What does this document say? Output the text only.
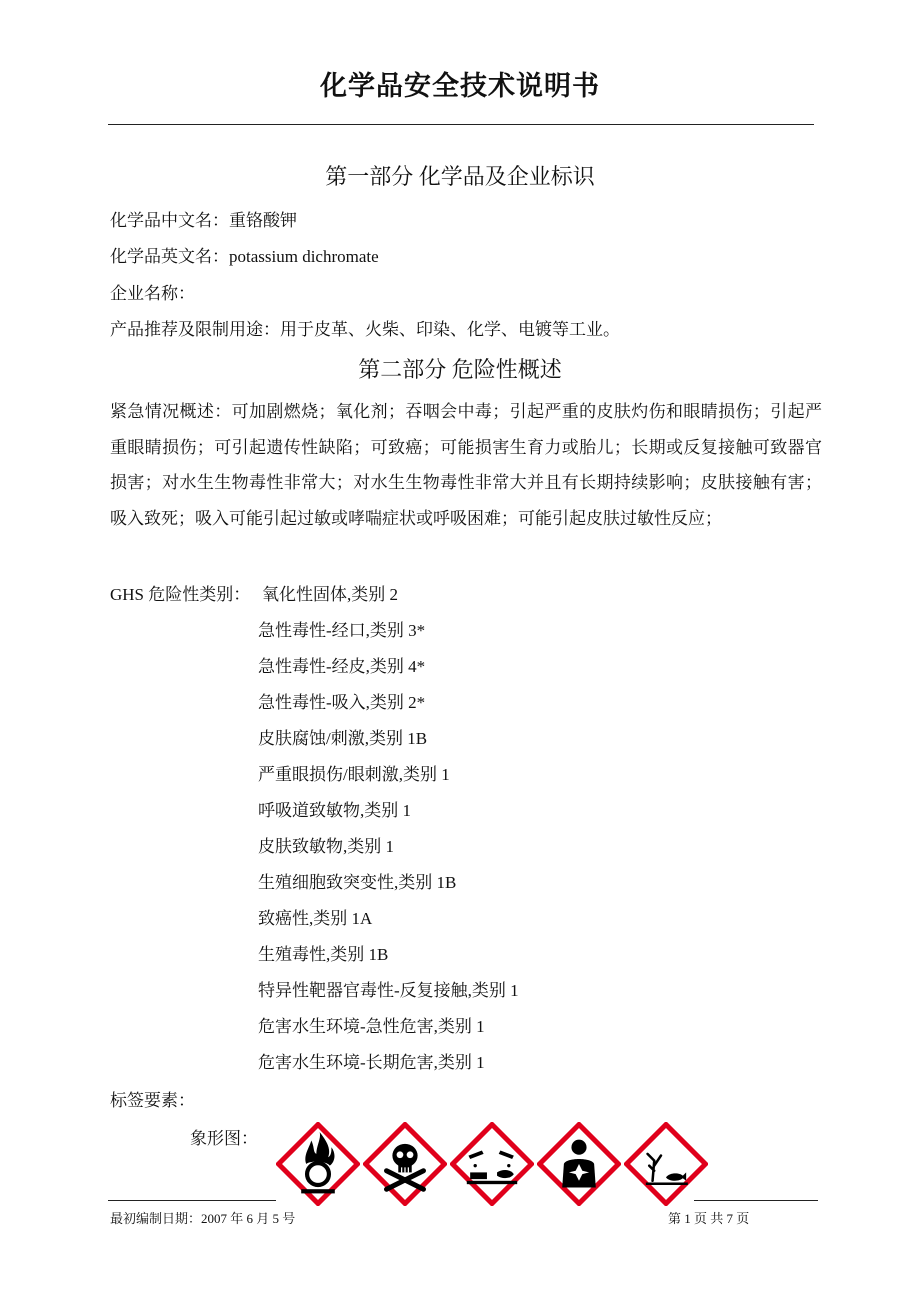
化学品安全技术说明书
第一部分 化学品及企业标识
化学品中文名：重铬酸钾
化学品英文名：potassium dichromate
企业名称：
产品推荐及限制用途：用于皮革、火柴、印染、化学、电镀等工业。
第二部分 危险性概述
紧急情况概述：可加剧燃烧；氧化剂；吞咽会中毒；引起严重的皮肤灼伤和眼睛损伤；引起严重眼睛损伤；可引起遗传性缺陷；可致癌；可能损害生育力或胎儿；长期或反复接触可致器官损害；对水生生物毒性非常大；对水生生物毒性非常大并且有长期持续影响；皮肤接触有害；吸入致死；吸入可能引起过敏或哮喘症状或呼吸困难；可能引起皮肤过敏性反应；
GHS 危险性类别： 氧化性固体,类别 2
急性毒性-经口,类别 3*
急性毒性-经皮,类别 4*
急性毒性-吸入,类别 2*
皮肤腐蚀/刺激,类别 1B
严重眼损伤/眼刺激,类别 1
呼吸道致敏物,类别 1
皮肤致敏物,类别 1
生殖细胞致突变性,类别 1B
致癌性,类别 1A
生殖毒性,类别 1B
特异性靶器官毒性-反复接触,类别 1
危害水生环境-急性危害,类别 1
危害水生环境-长期危害,类别 1
标签要素：
象形图：
最初编制日期：2007 年 6 月 5 号	第 1 页 共 7 页
